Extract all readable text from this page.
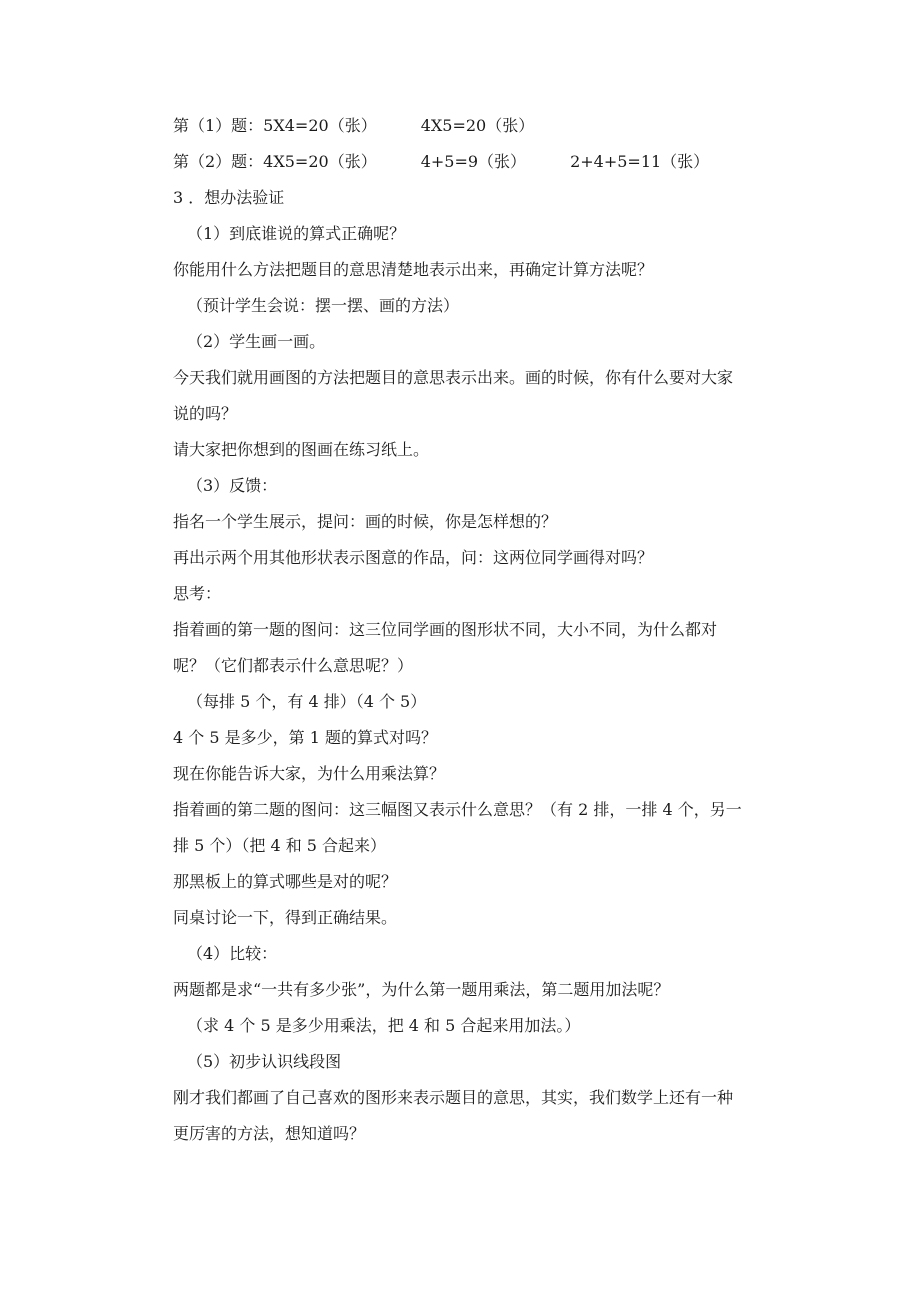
第（1）题：5X4=20（张）	4X5=20（张）
第（2）题：4X5=20（张）	4+5=9（张）	2+4+5=11（张）
3 ．想办法验证
（1）到底谁说的算式正确呢？
你能用什么方法把题目的意思清楚地表示出来，再确定计算方法呢？
（预计学生会说：摆一摆、画的方法）
（2）学生画一画。
今天我们就用画图的方法把题目的意思表示出来。画的时候，你有什么要对大家
说的吗？
请大家把你想到的图画在练习纸上。
（3）反馈：
指名一个学生展示，提问：画的时候，你是怎样想的？
再出示两个用其他形状表示图意的作品，问：这两位同学画得对吗？
思考：
指着画的第一题的图问：这三位同学画的图形状不同，大小不同，为什么都对
呢？（它们都表示什么意思呢？）
（每排 5 个，有 4 排）（4 个 5）
4 个 5 是多少，第 1 题的算式对吗？
现在你能告诉大家，为什么用乘法算？
指着画的第二题的图问：这三幅图又表示什么意思？（有 2 排，一排 4 个，另一
排 5 个）（把 4 和 5 合起来）
那黑板上的算式哪些是对的呢？
同桌讨论一下，得到正确结果。
（4）比较：
两题都是求“一共有多少张”，为什么第一题用乘法，第二题用加法呢？
（求 4 个 5 是多少用乘法，把 4 和 5 合起来用加法。）
（5）初步认识线段图
刚才我们都画了自己喜欢的图形来表示题目的意思，其实，我们数学上还有一种
更厉害的方法，想知道吗？
